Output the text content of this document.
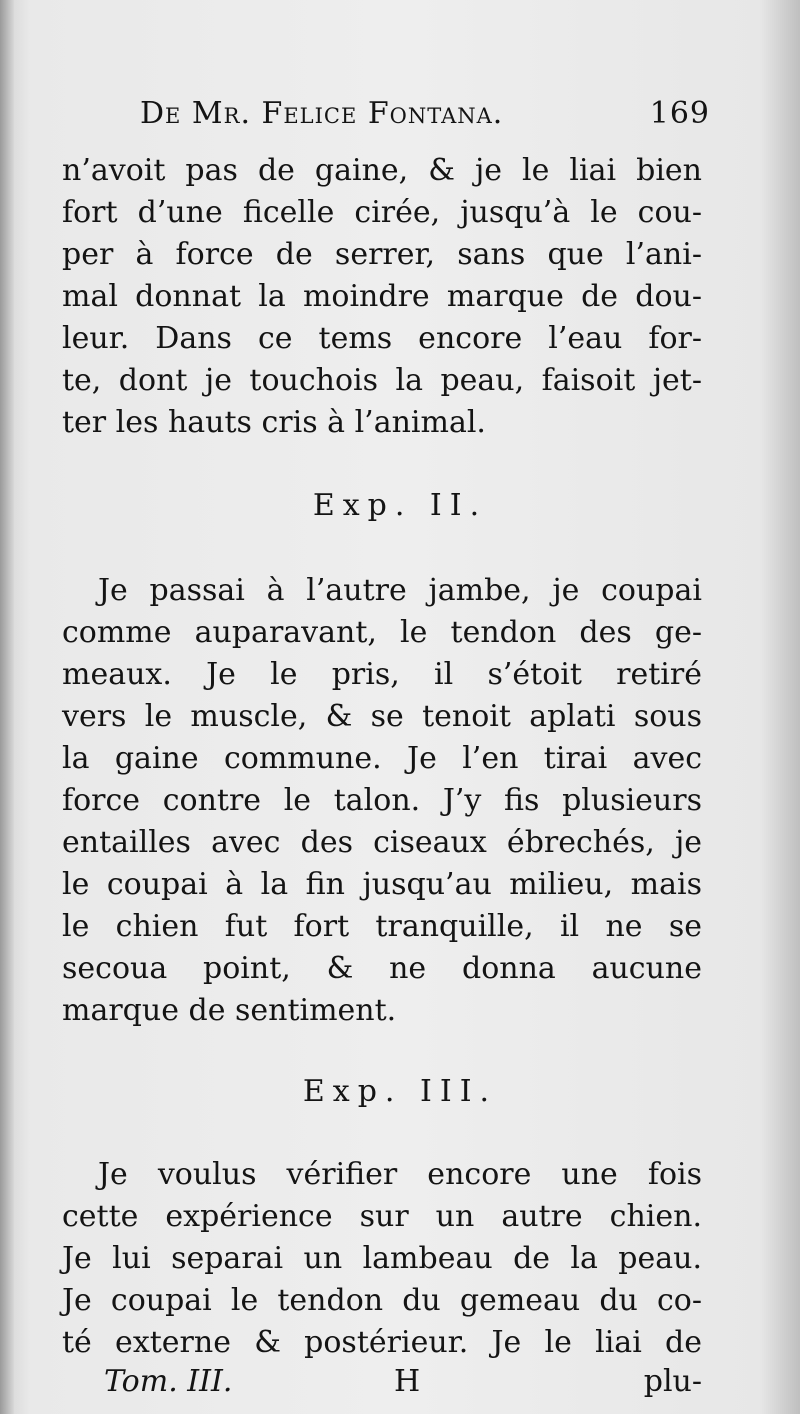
De Mr. Felice Fontana.	169
n’avoit pas de gaine, & je le liai bien
fort d’une ficelle cirée, jusqu’à le cou-
per à force de serrer, sans que l’ani-
mal donnat la moindre marque de dou-
leur. Dans ce tems encore l’eau for-
te, dont je touchois la peau, faisoit jet-
ter les hauts cris à l’animal.
Exp. II.
Je passai à l’autre jambe, je coupai
comme auparavant, le tendon des ge-
meaux. Je le pris, il s’étoit retiré
vers le muscle, & se tenoit aplati sous
la gaine commune. Je l’en tirai avec
force contre le talon. J’y fis plusieurs
entailles avec des ciseaux ébrechés, je
le coupai à la fin jusqu’au milieu, mais
le chien fut fort tranquille, il ne se
secoua point, & ne donna aucune
marque de sentiment.
Exp. III.
Je voulus vérifier encore une fois
cette expérience sur un autre chien.
Je lui separai un lambeau de la peau.
Je coupai le tendon du gemeau du co-
té externe & postérieur. Je le liai de
Tom. III.	H	plu-
